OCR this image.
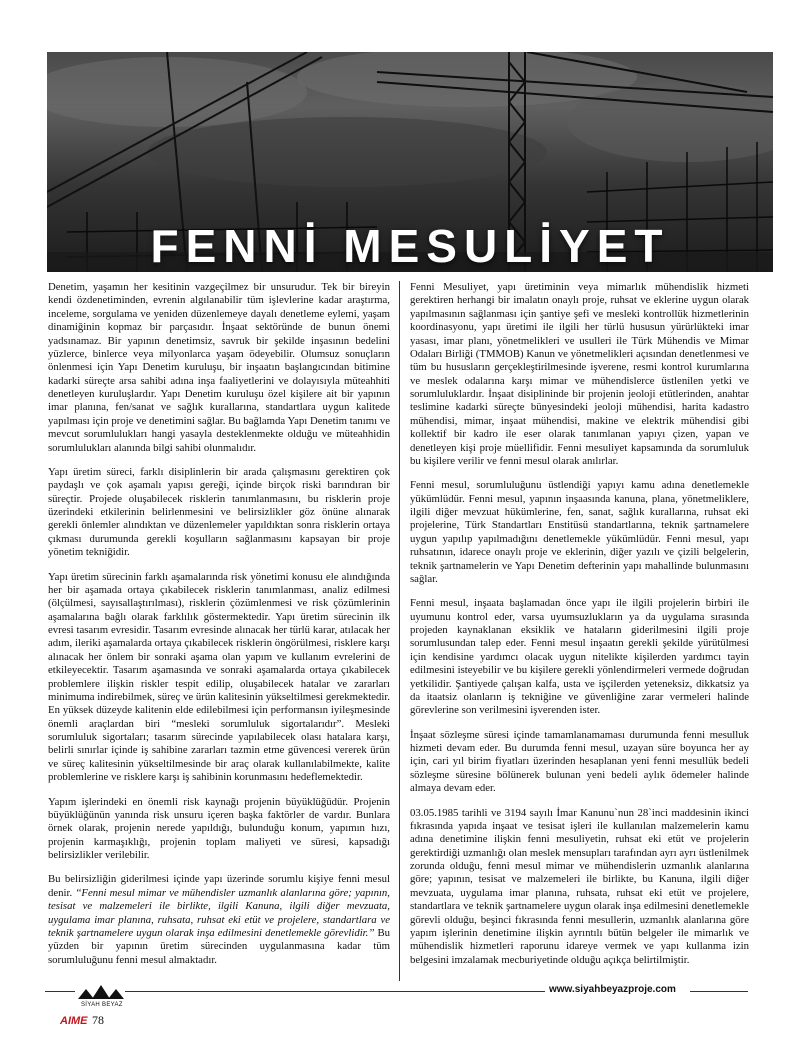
FENNİ MESULİYET

Denetim, yaşamın her kesitinin vazgeçilmez bir unsurudur. Tek bir bireyin kendi özdenetiminden, evrenin algılanabilir tüm işlevlerine kadar araştırma, inceleme, sorgulama ve yeniden düzenlemeye dayalı denetleme eylemi, yaşam dinamiğinin kopmaz bir parçasıdır. İnşaat sektöründe de bunun önemi yadsınamaz. Bir yapının denetimsiz, savruk bir şekilde inşasının bedelini yüzlerce, binlerce veya milyonlarca yaşam ödeyebilir. Olumsuz sonuçların önlenmesi için Yapı Denetim kuruluşu, bir inşaatın başlangıcından bitimine kadarki süreçte arsa sahibi adına inşa faaliyetlerini ve dolayısıyla müteahhiti denetleyen kuruluşlardır. Yapı Denetim kuruluşu özel kişilere ait bir yapının imar planına, fen/sanat ve sağlık kurallarına, standartlara uygun kalitede yapılması için proje ve denetimini sağlar. Bu bağlamda Yapı Denetim tanımı ve mevcut sorumlulukları hangi yasayla desteklenmekte olduğu ve müteahhidin sorumlulukları alanında bilgi sahibi olunmalıdır.

Yapı üretim süreci, farklı disiplinlerin bir arada çalışmasını gerektiren çok paydaşlı ve çok aşamalı yapısı gereği, içinde birçok riski barındıran bir süreçtir. Projede oluşabilecek risklerin tanımlanmasını, bu risklerin proje üzerindeki etkilerinin belirlenmesini ve belirsizlikler göz önüne alınarak gerekli önlemler alındıktan ve düzenlemeler yapıldıktan sonra risklerin ortaya çıkması durumunda gerekli koşulların sağlanmasını kapsayan bir proje yönetim tekniğidir.

Yapı üretim sürecinin farklı aşamalarında risk yönetimi konusu ele alındığında her bir aşamada ortaya çıkabilecek risklerin tanımlanması, analiz edilmesi (ölçülmesi, sayısallaştırılması), risklerin çözümlenmesi ve risk çözümlerinin aşamalarına bağlı olarak farklılık göstermektedir. Yapı üretim sürecinin ilk evresi tasarım evresidir. Tasarım evresinde alınacak her türlü karar, atılacak her adım, ileriki aşamalarda ortaya çıkabilecek risklerin öngörülmesi, risklere karşı alınacak her önlem bir sonraki aşama olan yapım ve kullanım evrelerini de etkileyecektir. Tasarım aşamasında ve sonraki aşamalarda ortaya çıkabilecek problemlere ilişkin riskler tespit edilip, oluşabilecek hatalar ve zararları minimuma indirebilmek, süreç ve ürün kalitesinin yükseltilmesi gerekmektedir. En yüksek düzeyde kalitenin elde edilebilmesi için performansın iyileşmesinde önemli araçlardan biri “mesleki sorumluluk sigortalarıdır”. Mesleki sorumluluk sigortaları; tasarım sürecinde yapılabilecek olası hatalara karşı, belirli sınırlar içinde iş sahibine zararları tazmin etme güvencesi vererek ürün ve süreç kalitesinin yükseltilmesinde bir araç olarak kullanılabilmekte, kalite problemlerine ve risklere karşı iş sahibinin korunmasını hedeflemektedir.

Yapım işlerindeki en önemli risk kaynağı projenin büyüklüğüdür. Projenin büyüklüğünün yanında risk unsuru içeren başka faktörler de vardır. Bunlara örnek olarak, projenin nerede yapıldığı, bulunduğu konum, yapımın hızı, projenin karmaşıklığı, projenin toplam maliyeti ve süresi, kapsadığı belirsizlikler verilebilir.

Bu belirsizliğin giderilmesi içinde yapı üzerinde sorumlu kişiye fenni mesul denir. ‘‘Fenni mesul mimar ve mühendisler uzmanlık alanlarına göre; yapının, tesisat ve malzemeleri ile birlikte, ilgili Kanuna, ilgili diğer mevzuata, uygulama imar planına, ruhsata, ruhsat eki etüt ve projelere, standartlara ve teknik şartnamelere uygun olarak inşa edilmesini denetlemekle görevlidir.’’ Bu yüzden bir yapının üretim sürecinden uygulanmasına kadar tüm sorumluluğunu fenni mesul almaktadır.

Fenni Mesuliyet, yapı üretiminin veya mimarlık mühendislik hizmeti gerektiren herhangi bir imalatın onaylı proje, ruhsat ve eklerine uygun olarak yapılmasının sağlanması için şantiye şefi ve mesleki kontrollük hizmetlerinin koordinasyonu, yapı üretimi ile ilgili her türlü hususun yürürlükteki imar yasası, imar planı, yönetmelikleri ve usulleri ile Türk Mühendis ve Mimar Odaları Birliği (TMMOB) Kanun ve yönetmelikleri açısından denetlenmesi ve tüm bu hususların gerçekleştirilmesinde işverene, resmi kontrol kurumlarına ve meslek odalarına karşı mimar ve mühendislerce üstlenilen yetki ve sorumluluklardır. İnşaat disiplininde bir projenin jeoloji etütlerinden, anahtar teslimine kadarki süreçte bünyesindeki jeoloji mühendisi, harita kadastro mühendisi, mimar, inşaat mühendisi, makine ve elektrik mühendisi gibi kollektif bir kadro ile eser olarak tanımlanan yapıyı çizen, yapan ve denetleyen kişi proje müellifidir. Fenni mesuliyet kapsamında da sorumluluk bu kişilere verilir ve fenni mesul olarak anılırlar.

Fenni mesul, sorumluluğunu üstlendiği yapıyı kamu adına denetlemekle yükümlüdür. Fenni mesul, yapının inşaasında kanuna, plana, yönetmeliklere, ilgili diğer mevzuat hükümlerine, fen, sanat, sağlık kurallarına, ruhsat eki projelerine, Türk Standartları Enstitüsü standartlarına, teknik şartnamelere uygun yapılıp yapılmadığını denetlemekle yükümlüdür. Fenni mesul, yapı ruhsatının, idarece onaylı proje ve eklerinin, diğer yazılı ve çizili belgelerin, teknik şartnamelerin ve Yapı Denetim defterinin yapı mahallinde bulunmasını sağlar.

Fenni mesul, inşaata başlamadan önce yapı ile ilgili projelerin birbiri ile uyumunu kontrol eder, varsa uyumsuzlukların ya da uygulama sırasında projeden kaynaklanan eksiklik ve hataların giderilmesini ilgili proje sorumlusundan talep eder. Fenni mesul inşaatın gerekli şekilde yürütülmesi için kendisine yardımcı olacak uygun nitelikte kişilerden yardımcı tayin edilmesini isteyebilir ve bu kişilere gerekli yönlendirmeleri vermede doğrudan yetkilidir. Şantiyede çalışan kalfa, usta ve işçilerden yeteneksiz, dikkatsiz ya da itaatsiz olanların iş tekniğine ve güvenliğine zarar vermeleri halinde görevlerine son verilmesini işverenden ister.

İnşaat sözleşme süresi içinde tamamlanamaması durumunda fenni mesulluk hizmeti devam eder. Bu durumda fenni mesul, uzayan süre boyunca her ay için, cari yıl birim fiyatları üzerinden hesaplanan yeni fenni mesullük bedeli sözleşme süresine bölünerek bulunan yeni bedeli aylık ödemeler halinde almaya devam eder.

03.05.1985 tarihli ve 3194 sayılı İmar Kanunu`nun 28`inci maddesinin ikinci fıkrasında yapıda inşaat ve tesisat işleri ile kullanılan malzemelerin kamu adına denetimine ilişkin fenni mesuliyetin, ruhsat eki etüt ve projelerin gerektirdiği uzmanlığı olan meslek mensupları tarafından ayrı ayrı üstlenilmek zorunda olduğu, fenni mesul mimar ve mühendislerin uzmanlık alanlarına göre; yapının, tesisat ve malzemeleri ile birlikte, bu Kanuna, ilgili diğer mevzuata, uygulama imar planına, ruhsata, ruhsat eki etüt ve projelere, standartlara ve teknik şartnamelere uygun olarak inşa edilmesini denetlemekle görevli olduğu, beşinci fıkrasında fenni mesullerin, uzmanlık alanlarına göre yapım işlerinin denetimine ilişkin ayrıntılı bütün belgeler ile mimarlık ve mühendislik hizmetleri raporunu idareye vermek ve yapı kullanma izin belgesini imzalamak mecburiyetinde olduğu açıkça belirtilmiştir.

SİYAH BEYAZ
www.siyahbeyazproje.com
AIME 78
